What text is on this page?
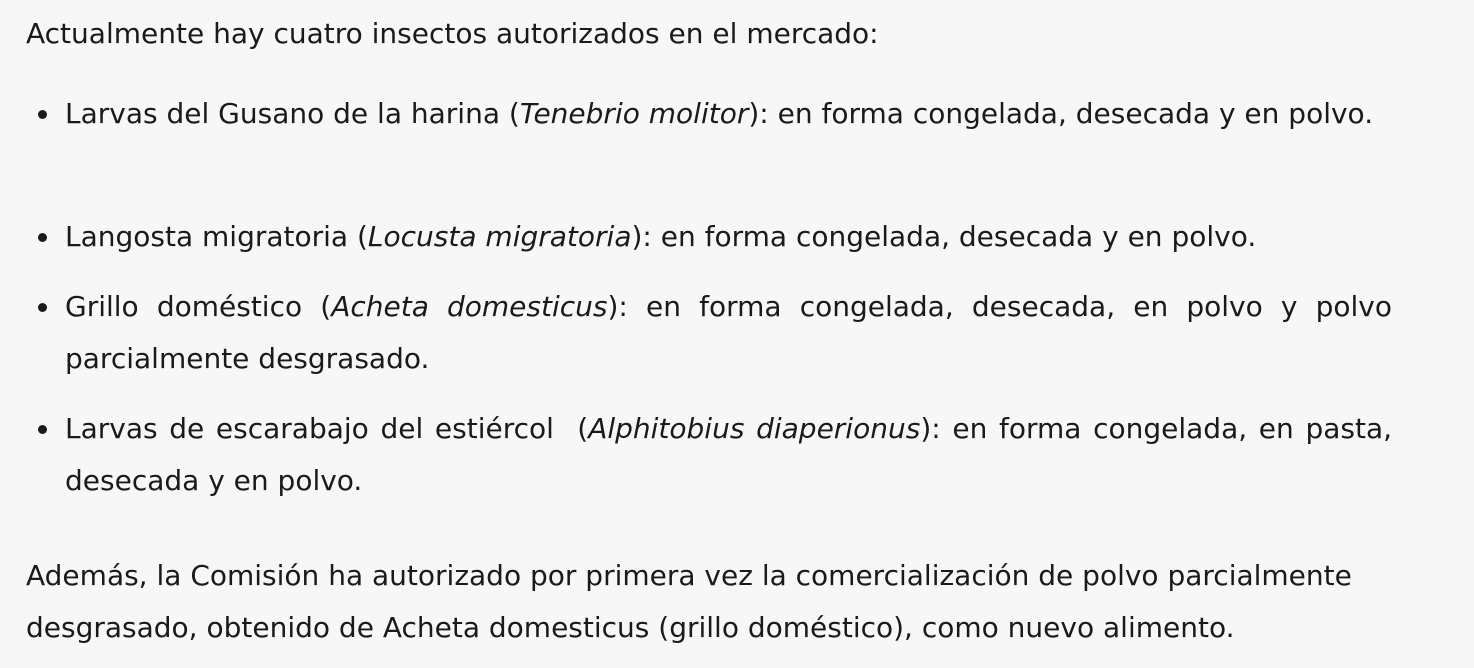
Actualmente hay cuatro insectos autorizados en el mercado:

Larvas del Gusano de la harina (Tenebrio molitor): en forma congelada, desecada y en polvo.
Langosta migratoria (Locusta migratoria): en forma congelada, desecada y en polvo.
Grillo doméstico (Acheta domesticus): en forma congelada, desecada, en polvo y polvo parcialmente desgrasado.
Larvas de escarabajo del estiércol  (Alphitobius diaperionus): en forma congelada, en pasta, desecada y en polvo.

Además, la Comisión ha autorizado por primera vez la comercialización de polvo parcialmente desgrasado, obtenido de Acheta domesticus (grillo doméstico), como nuevo alimento.
